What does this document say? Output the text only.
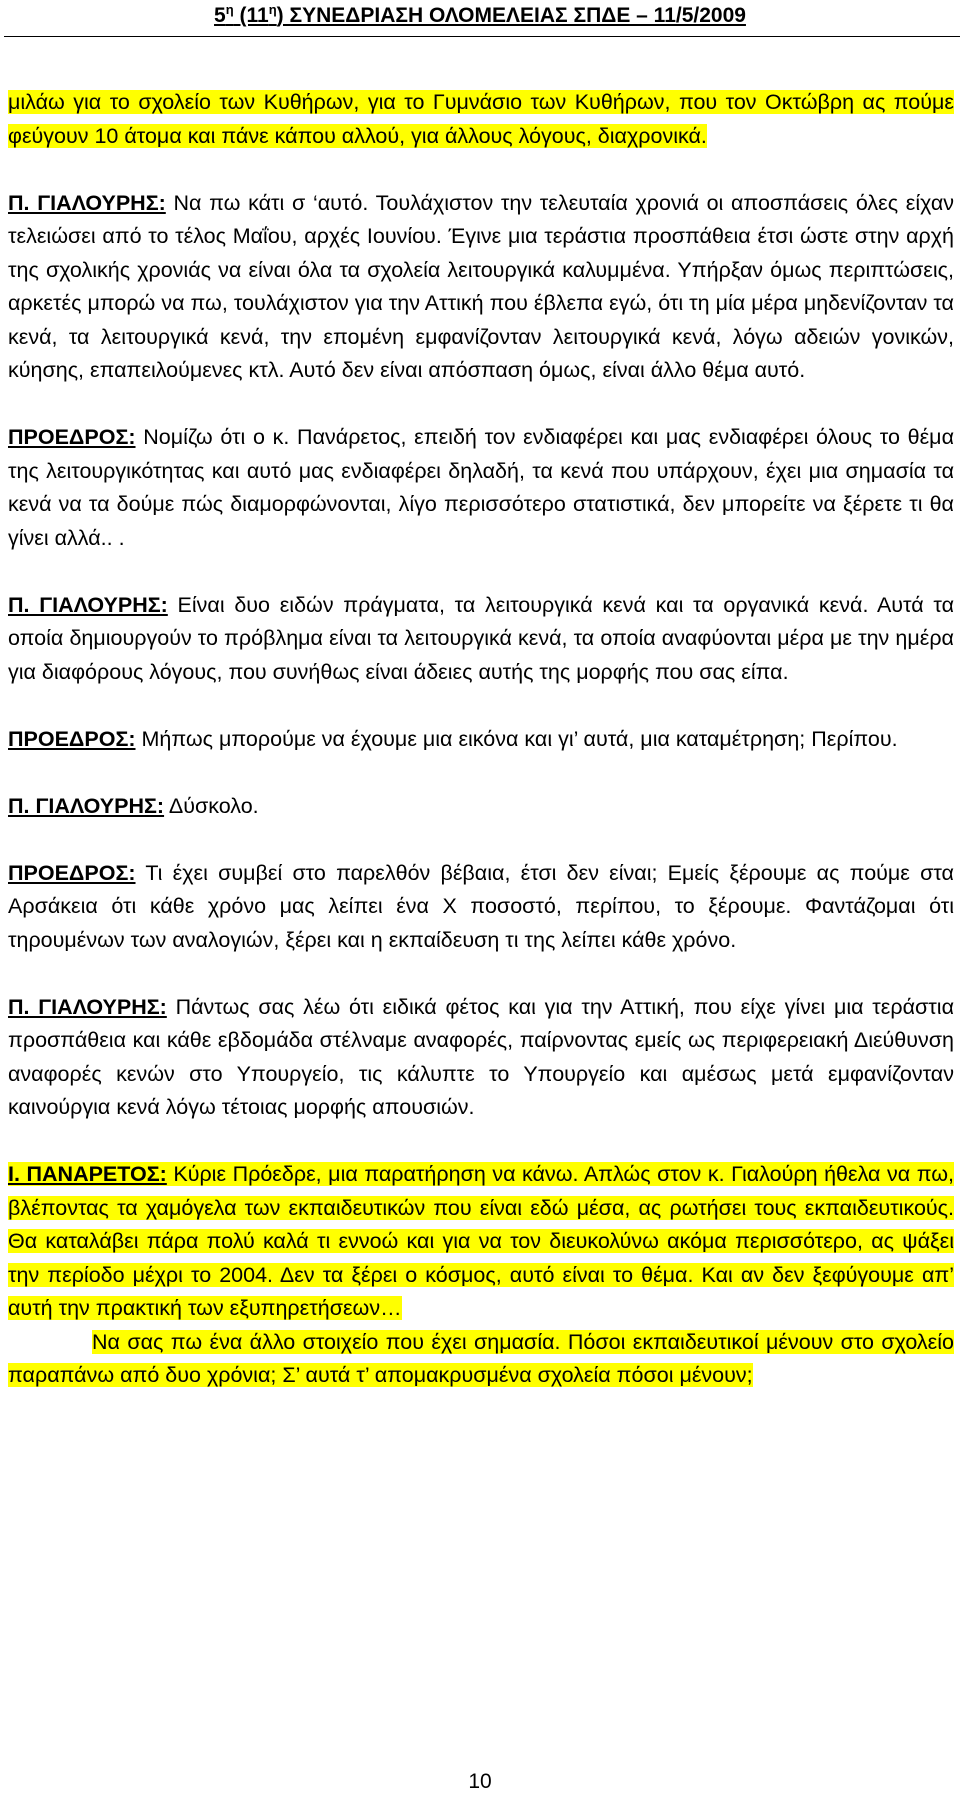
$5^\eta$ $(11^\eta)$ ΣΥΝΕΔΡΙΑΣΗ ΟΛΟΜΕΛΕΙΑΣ ΣΠΔΕ – 11/5/2009

μιλάω για το σχολείο των Κυθήρων, για το Γυμνάσιο των Κυθήρων, που τον Οκτώβρη ας πούμε φεύγουν 10 άτομα και πάνε κάπου αλλού, για άλλους λόγους, διαχρονικά.

Π. ΓΙΑΛΟΥΡΗΣ: Να πω κάτι σ ‘αυτό. Τουλάχιστον την τελευταία χρονιά οι αποσπάσεις όλες είχαν τελειώσει από το τέλος Μαΐου, αρχές Ιουνίου. Έγινε μια τεράστια προσπάθεια έτσι ώστε στην αρχή της σχολικής χρονιάς να είναι όλα τα σχολεία λειτουργικά καλυμμένα. Υπήρξαν όμως περιπτώσεις, αρκετές μπορώ να πω, τουλάχιστον για την Αττική που έβλεπα εγώ, ότι τη μία μέρα μηδενίζονταν τα κενά, τα λειτουργικά κενά, την επομένη εμφανίζονταν λειτουργικά κενά, λόγω αδειών γονικών, κύησης, επαπειλούμενες κτλ. Αυτό δεν είναι απόσπαση όμως, είναι άλλο θέμα αυτό.

ΠΡΟΕΔΡΟΣ: Νομίζω ότι ο κ. Πανάρετος, επειδή τον ενδιαφέρει και μας ενδιαφέρει όλους το θέμα της λειτουργικότητας και αυτό μας ενδιαφέρει δηλαδή, τα κενά που υπάρχουν, έχει μια σημασία τα κενά να τα δούμε πώς διαμορφώνονται, λίγο περισσότερο στατιστικά, δεν μπορείτε να ξέρετε τι θα γίνει αλλά.. .

Π. ΓΙΑΛΟΥΡΗΣ: Είναι δυο ειδών πράγματα, τα λειτουργικά κενά και τα οργανικά κενά. Αυτά τα οποία δημιουργούν το πρόβλημα είναι τα λειτουργικά κενά, τα οποία αναφύονται μέρα με την ημέρα για διαφόρους λόγους, που συνήθως είναι άδειες αυτής της μορφής που σας είπα.

ΠΡΟΕΔΡΟΣ: Μήπως μπορούμε να έχουμε μια εικόνα και γι’ αυτά, μια καταμέτρηση; Περίπου.

Π. ΓΙΑΛΟΥΡΗΣ: Δύσκολο.

ΠΡΟΕΔΡΟΣ: Τι έχει συμβεί στο παρελθόν βέβαια, έτσι δεν είναι; Εμείς ξέρουμε ας πούμε στα Αρσάκεια ότι κάθε χρόνο μας λείπει ένα Χ ποσοστό, περίπου, το ξέρουμε. Φαντάζομαι ότι τηρουμένων των αναλογιών, ξέρει και η εκπαίδευση τι της λείπει κάθε χρόνο.

Π. ΓΙΑΛΟΥΡΗΣ: Πάντως σας λέω ότι ειδικά φέτος και για την Αττική, που είχε γίνει μια τεράστια προσπάθεια και κάθε εβδομάδα στέλναμε αναφορές, παίρνοντας εμείς ως περιφερειακή Διεύθυνση αναφορές κενών στο Υπουργείο, τις κάλυπτε το Υπουργείο και αμέσως μετά εμφανίζονταν καινούργια κενά λόγω τέτοιας μορφής απουσιών.

Ι. ΠΑΝΑΡΕΤΟΣ: Κύριε Πρόεδρε, μια παρατήρηση να κάνω. Απλώς στον κ. Γιαλούρη ήθελα να πω, βλέποντας τα χαμόγελα των εκπαιδευτικών που είναι εδώ μέσα, ας ρωτήσει τους εκπαιδευτικούς. Θα καταλάβει πάρα πολύ καλά τι εννοώ και για να τον διευκολύνω ακόμα περισσότερο, ας ψάξει την περίοδο μέχρι το 2004. Δεν τα ξέρει ο κόσμος, αυτό είναι το θέμα. Και αν δεν ξεφύγουμε απ’ αυτή την πρακτική των εξυπηρετήσεων…

Να σας πω ένα άλλο στοιχείο που έχει σημασία. Πόσοι εκπαιδευτικοί μένουν στο σχολείο παραπάνω από δυο χρόνια; Σ’ αυτά τ’ απομακρυσμένα σχολεία πόσοι μένουν;

10
